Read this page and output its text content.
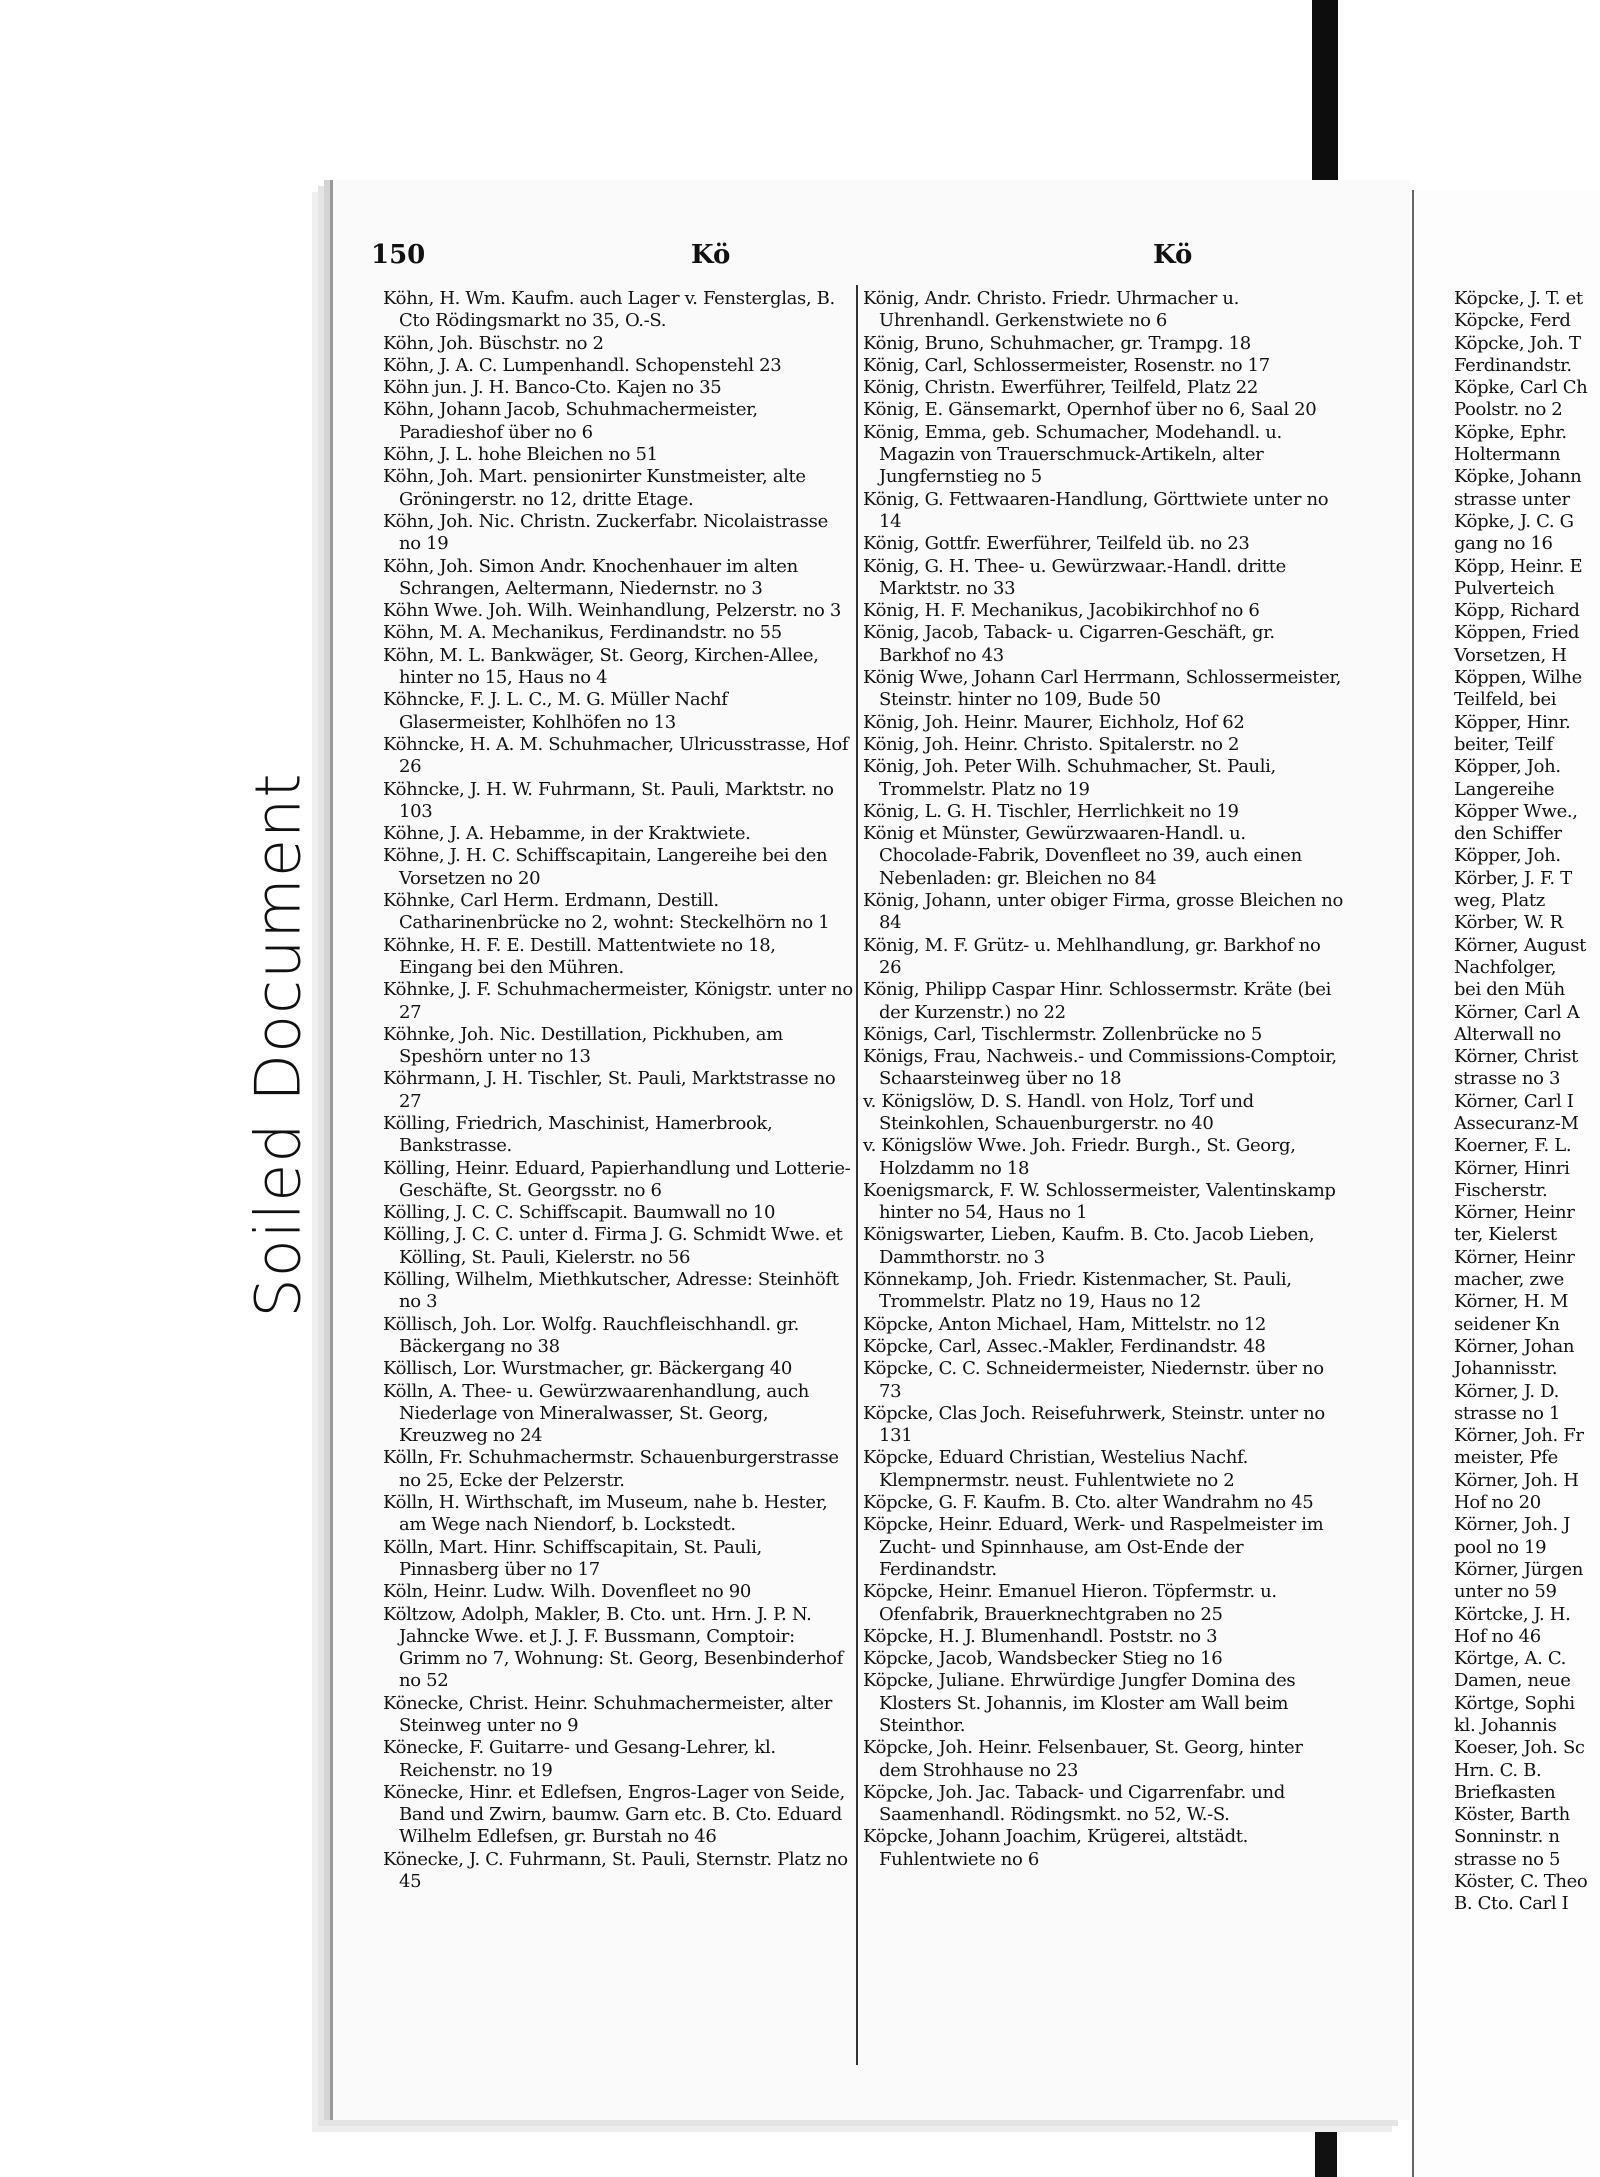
Soiled Document
150	Kö	Kö

Köhn, H. Wm. Kaufm. auch Lager v. Fensterglas, B. Cto Rödingsmarkt no 35, O.-S.

Köhn, Joh. Büschstr. no 2

Köhn, J. A. C. Lumpenhandl. Schopenstehl 23

Köhn jun. J. H. Banco-Cto. Kajen no 35

Köhn, Johann Jacob, Schuhmachermeister, Paradieshof über no 6

Köhn, J. L. hohe Bleichen no 51

Köhn, Joh. Mart. pensionirter Kunstmeister, alte Gröningerstr. no 12, dritte Etage.

Köhn, Joh. Nic. Christn. Zuckerfabr. Nicolaistrasse no 19

Köhn, Joh. Simon Andr. Knochenhauer im alten Schrangen, Aeltermann, Niedernstr. no 3

Köhn Wwe. Joh. Wilh. Weinhandlung, Pelzerstr. no 3

Köhn, M. A. Mechanikus, Ferdinandstr. no 55

Köhn, M. L. Bankwäger, St. Georg, Kirchen-Allee, hinter no 15, Haus no 4

Köhncke, F. J. L. C., M. G. Müller Nachf Glasermeister, Kohlhöfen no 13

Köhncke, H. A. M. Schuhmacher, Ulricusstrasse, Hof 26

Köhncke, J. H. W. Fuhrmann, St. Pauli, Marktstr. no 103

Köhne, J. A. Hebamme, in der Kraktwiete.

Köhne, J. H. C. Schiffscapitain, Langereihe bei den Vorsetzen no 20

Köhnke, Carl Herm. Erdmann, Destill. Catharinenbrücke no 2, wohnt: Steckelhörn no 1

Köhnke, H. F. E. Destill. Mattentwiete no 18, Eingang bei den Mühren.

Köhnke, J. F. Schuhmachermeister, Königstr. unter no 27

Köhnke, Joh. Nic. Destillation, Pickhuben, am Speshörn unter no 13

Köhrmann, J. H. Tischler, St. Pauli, Marktstrasse no 27

Kölling, Friedrich, Maschinist, Hamerbrook, Bankstrasse.

Kölling, Heinr. Eduard, Papierhandlung und Lotterie-Geschäfte, St. Georgsstr. no 6

Kölling, J. C. C. Schiffscapit. Baumwall no 10

Kölling, J. C. C. unter d. Firma J. G. Schmidt Wwe. et Kölling, St. Pauli, Kielerstr. no 56

Kölling, Wilhelm, Miethkutscher, Adresse: Steinhöft no 3

Köllisch, Joh. Lor. Wolfg. Rauchfleischhandl. gr. Bäckergang no 38

Köllisch, Lor. Wurstmacher, gr. Bäckergang 40

Kölln, A. Thee- u. Gewürzwaarenhandlung, auch Niederlage von Mineralwasser, St. Georg, Kreuzweg no 24

Kölln, Fr. Schuhmachermstr. Schauenburgerstrasse no 25, Ecke der Pelzerstr.

Kölln, H. Wirthschaft, im Museum, nahe b. Hester, am Wege nach Niendorf, b. Lockstedt.

Kölln, Mart. Hinr. Schiffscapitain, St. Pauli, Pinnasberg über no 17

Köln, Heinr. Ludw. Wilh. Dovenfleet no 90

Költzow, Adolph, Makler, B. Cto. unt. Hrn. J. P. N. Jahncke Wwe. et J. J. F. Bussmann, Comptoir: Grimm no 7, Wohnung: St. Georg, Besenbinderhof no 52

Könecke, Christ. Heinr. Schuhmachermeister, alter Steinweg unter no 9

Könecke, F. Guitarre- und Gesang-Lehrer, kl. Reichenstr. no 19

Könecke, Hinr. et Edlefsen, Engros-Lager von Seide, Band und Zwirn, baumw. Garn etc. B. Cto. Eduard Wilhelm Edlefsen, gr. Burstah no 46

Könecke, J. C. Fuhrmann, St. Pauli, Sternstr. Platz no 45

König, Andr. Christo. Friedr. Uhrmacher u. Uhrenhandl. Gerkenstwiete no 6

König, Bruno, Schuhmacher, gr. Trampg. 18

König, Carl, Schlossermeister, Rosenstr. no 17

König, Christn. Ewerführer, Teilfeld, Platz 22

König, E. Gänsemarkt, Opernhof über no 6, Saal 20

König, Emma, geb. Schumacher, Modehandl. u. Magazin von Trauerschmuck-Artikeln, alter Jungfernstieg no 5

König, G. Fettwaaren-Handlung, Görttwiete unter no 14

König, Gottfr. Ewerführer, Teilfeld üb. no 23

König, G. H. Thee- u. Gewürzwaar.-Handl. dritte Marktstr. no 33

König, H. F. Mechanikus, Jacobikirchhof no 6

König, Jacob, Taback- u. Cigarren-Geschäft, gr. Barkhof no 43

König Wwe, Johann Carl Herrmann, Schlossermeister, Steinstr. hinter no 109, Bude 50

König, Joh. Heinr. Maurer, Eichholz, Hof 62

König, Joh. Heinr. Christo. Spitalerstr. no 2

König, Joh. Peter Wilh. Schuhmacher, St. Pauli, Trommelstr. Platz no 19

König, L. G. H. Tischler, Herrlichkeit no 19

König et Münster, Gewürzwaaren-Handl. u. Chocolade-Fabrik, Dovenfleet no 39, auch einen Nebenladen: gr. Bleichen no 84

König, Johann, unter obiger Firma, grosse Bleichen no 84

König, M. F. Grütz- u. Mehlhandlung, gr. Barkhof no 26

König, Philipp Caspar Hinr. Schlossermstr. Kräte (bei der Kurzenstr.) no 22

Königs, Carl, Tischlermstr. Zollenbrücke no 5

Königs, Frau, Nachweis.- und Commissions-Comptoir, Schaarsteinweg über no 18

v. Königslöw, D. S. Handl. von Holz, Torf und Steinkohlen, Schauenburgerstr. no 40

v. Königslöw Wwe. Joh. Friedr. Burgh., St. Georg, Holzdamm no 18

Koenigsmarck, F. W. Schlossermeister, Valentinskamp hinter no 54, Haus no 1

Königswarter, Lieben, Kaufm. B. Cto. Jacob Lieben, Dammthorstr. no 3

Könnekamp, Joh. Friedr. Kistenmacher, St. Pauli, Trommelstr. Platz no 19, Haus no 12

Köpcke, Anton Michael, Ham, Mittelstr. no 12

Köpcke, Carl, Assec.-Makler, Ferdinandstr. 48

Köpcke, C. C. Schneidermeister, Niedernstr. über no 73

Köpcke, Clas Joch. Reisefuhrwerk, Steinstr. unter no 131

Köpcke, Eduard Christian, Westelius Nachf. Klempnermstr. neust. Fuhlentwiete no 2

Köpcke, G. F. Kaufm. B. Cto. alter Wandrahm no 45

Köpcke, Heinr. Eduard, Werk- und Raspelmeister im Zucht- und Spinnhause, am Ost-Ende der Ferdinandstr.

Köpcke, Heinr. Emanuel Hieron. Töpfermstr. u. Ofenfabrik, Brauerknechtgraben no 25

Köpcke, H. J. Blumenhandl. Poststr. no 3

Köpcke, Jacob, Wandsbecker Stieg no 16

Köpcke, Juliane. Ehrwürdige Jungfer Domina des Klosters St. Johannis, im Kloster am Wall beim Steinthor.

Köpcke, Joh. Heinr. Felsenbauer, St. Georg, hinter dem Strohhause no 23

Köpcke, Joh. Jac. Taback- und Cigarrenfabr. und Saamenhandl. Rödingsmkt. no 52, W.-S.

Köpcke, Johann Joachim, Krügerei, altstädt. Fuhlentwiete no 6

Köpcke, J. T. et

Köpcke, Ferd

Köpcke, Joh. T

Ferdinandstr.

Köpke, Carl Ch

Poolstr. no 2

Köpke, Ephr.

Holtermann

Köpke, Johann

strasse unter

Köpke, J. C. G

gang no 16

Köpp, Heinr. E

Pulverteich

Köpp, Richard

Köppen, Fried

Vorsetzen, H

Köppen, Wilhe

Teilfeld, bei

Köpper, Hinr.

beiter, Teilf

Köpper, Joh.

Langereihe

Köpper Wwe.,

den Schiffer

Köpper, Joh.

Körber, J. F. T

weg, Platz

Körber, W. R

Körner, August

Nachfolger,

bei den Müh

Körner, Carl A

Alterwall no

Körner, Christ

strasse no 3

Körner, Carl I

Assecuranz-M

Koerner, F. L.

Körner, Hinri

Fischerstr.

Körner, Heinr

ter, Kielerst

Körner, Heinr

macher, zwe

Körner, H. M

seidener Kn

Körner, Johan

Johannisstr.

Körner, J. D.

strasse no 1

Körner, Joh. Fr

meister, Pfe

Körner, Joh. H

Hof no 20

Körner, Joh. J

pool no 19

Körner, Jürgen

unter no 59

Körtcke, J. H.

Hof no 46

Körtge, A. C.

Damen, neue

Körtge, Sophi

kl. Johannis

Koeser, Joh. Sc

Hrn. C. B.

Briefkasten

Köster, Barth

Sonninstr. n

strasse no 5

Köster, C. Theo

B. Cto. Carl I
